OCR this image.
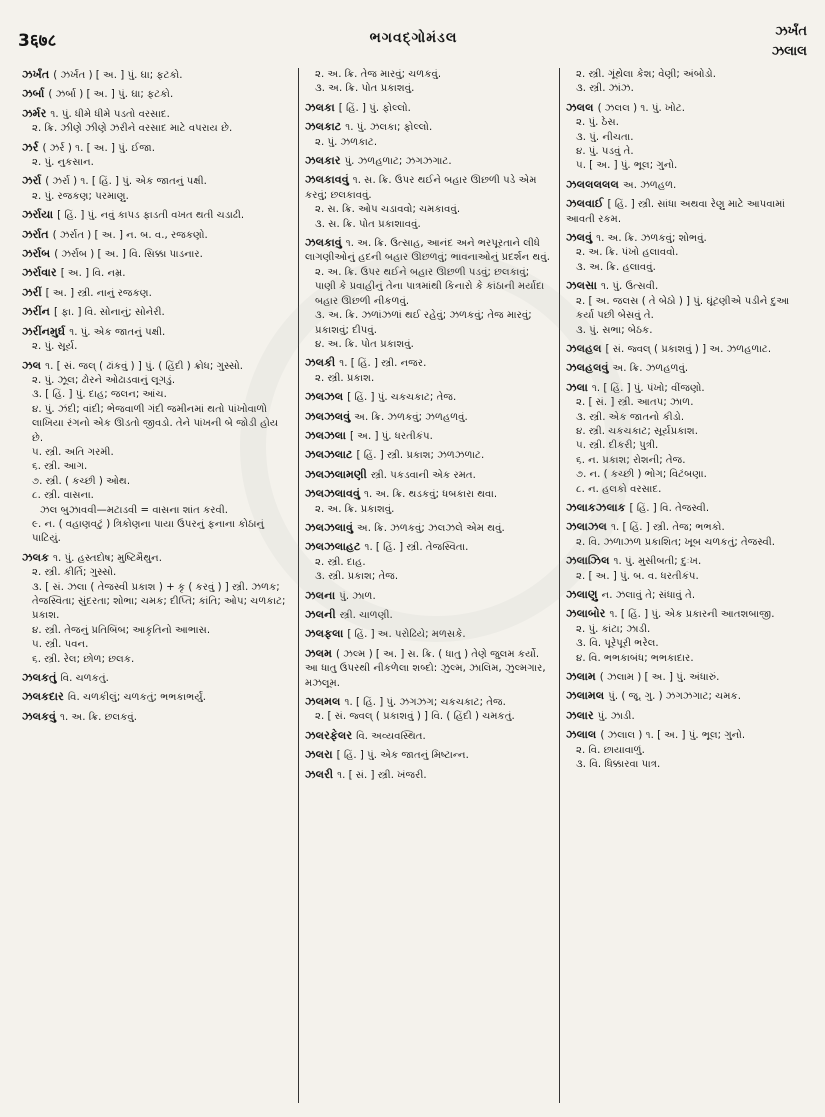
3६७८	ભગવદ્ગોમંડલ	ઝર્ખંત
ઝલાલ
ઝર્ખંત ( ઝર્ખંત ) [ અ. ] પું. ઘા; ફટકો.
ઝર્બા ( ઝર્બા ) [ અ. ] પું. ઘા; ફટકો.
ઝર્મર ૧. પું. ધીમે ધીમે પડતો વરસાદ.
૨. ક્રિ. ઝીણે ઝીણે ઝરીને વરસાદ માટે વપરાય છે.
ઝર્ર ( ઝર્ર ) ૧. [ અ. ] પું. ઈજા.
૨. પું. નુકસાન.
ઝર્રા ( ઝર્રા ) ૧. [ હિં. ] પું. એક જાતનું પક્ષી.
૨. પું. રજકણ; પરમાણુ.
ઝર્રાયા [ હિં. ] પું. નવું કાપડ ફાડતી વખત થતી ચડાઢી.
ઝર્રાત ( ઝર્રાત ) [ અ. ] ન. બ. વ., રજકણો.
ઝર્રાબ ( ઝર્રાબ ) [ અ. ] વિ. સિક્કા પાડનાર.
ઝર્રાવાર [ અ. ] વિ. નમ્ર.
ઝરીં [ અ. ] સ્ત્રી. નાનું રજકણ.
ઝરીંન [ ફા. ] વિ. સોનાનું; સોનેરી.
ઝરીંનમુર્ઘ ૧. પું. એક જાતનું પક્ષી.
૨. પું. સૂર્ય.
ઝલ ૧. [ સં. જલ્ ( ઢાંકવું ) ] પું. ( હિંદી ) ક્રોધ; ગુસ્સો.
૨. પું. ઝૂલ; ઢોરને ઓઢાડવાનું લૂગડું.
૩. [ હિં. ] પું. દાહ; જલન; આંચ.
૪. પું. ઝંદી; વાંદી; ભેજવાળી ગંદી જમીનમાં થતો પાંખોવાળો લાખિયા રંગનો એક ઊડતો જીવડો. તેને પાંખની બે જોડી હોય છે.
૫. સ્ત્રી. અતિ ગરમી.
૬. સ્ત્રી. આગ.
૭. સ્ત્રી. ( કચ્છી ) ઓથ.
૮. સ્ત્રી. વાસના.
ઝલ બુઝાવવી—મટાડવી = વાસના શાંત કરવી.
૯. ન. ( વહાણવટું ) ત્રિકોણના પાયા ઉપરનું ફનાના કોઠાનું પાટિયું.
ઝલક ૧. પું. હસ્તદોષ; મુષ્ટિમૈથુન.
૨. સ્ત્રી. કીર્તિ; ગુસ્સો.
૩. [ સં. ઝલા ( તેજસ્વી પ્રકાશ ) + કૃ ( કરવું ) ] સ્ત્રી. ઝળક; તેજસ્વિતા; સુંદરતા; શોભા; ચમક; દીપ્તિ; કાંતિ; ઓપ; ચળકાટ; પ્રકાશ.
૪. સ્ત્રી. તેજનું પ્રતિબિંબ; આકૃતિનો આભાસ.
૫. સ્ત્રી. પવન.
૬. સ્ત્રી. રેલ; છોળ; છલક.
ઝલકતું વિ. ચળકતું.
ઝલકદાર વિ. ચળકીલું; ચળકતું; ભભકાભર્યું.
ઝલકવું ૧. અ. ક્રિ. છલકવું.
૨. અ. ક્રિ. તેજ મારવું; ચળકવું.
૩. અ. ક્રિ. પોત પ્રકાશવું.
ઝલકા [ હિં. ] પું. ફોલ્લો.
ઝલકાટ ૧. પું. ઝલકા; ફોલ્લો.
૨. પું. ઝળકાટ.
ઝલકાર પું. ઝળહળાટ; ઝગઝગાટ.
ઝલકાવવું ૧. સ. ક્રિ. ઉપર થઈને બહાર ઊછળી પડે એમ કરવું; છલકાવવું.
૨. સ. ક્રિ. ઓપ ચડાવવો; ચમકાવવું.
૩. સ. ક્રિ. પોત પ્રકાશાવવું.
ઝલકાવું ૧. અ. ક્રિ. ઉત્સાહ, આનંદ અને ભરપૂરતાને લીધે લાગણીઓનું હદની બહાર ઊછળવું; ભાવનાઓનું પ્રદર્શન થવું.
૨. અ. ક્રિ. ઉપર થઈને બહાર ઊછળી પડવું; છલકાવું; પાણી કે પ્રવાહીનું તેના પાત્રમાંથી કિનારો કે કાંઠાની મર્યાદા બહાર ઊછળી નીકળવું.
૩. અ. ક્રિ. ઝળાંઝળાં થઈ રહેવું; ઝળકવું; તેજ મારવું; પ્રકાશવું; દીપવું.
૪. અ. ક્રિ. પોત પ્રકાશવું.
ઝલકી ૧. [ હિં. ] સ્ત્રી. નજર.
૨. સ્ત્રી. પ્રકાશ.
ઝલઝલ [ હિં. ] પું. ચકચકાટ; તેજ.
ઝલઝલવું અ. ક્રિ. ઝળકવું; ઝળહળવું.
ઝલઝલા [ અ. ] પું. ધરતીકંપ.
ઝલઝલાટ [ હિં. ] સ્ત્રી. પ્રકાશ; ઝળઝળાટ.
ઝલઝલામણી સ્ત્રી. પકડવાની એક રમત.
ઝલઝલાવવું ૧. અ. ક્રિ. થડકવું; ધબકારા થવા.
૨. અ. ક્રિ. પ્રકાશવું.
ઝલઝલાવું અ. ક્રિ. ઝળકવું; ઝલઝલે એમ થવું.
ઝલઝલાહટ ૧. [ હિં. ] સ્ત્રી. તેજસ્વિતા.
૨. સ્ત્રી. દાહ.
૩. સ્ત્રી. પ્રકાશ; તેજ.
ઝલના પું. ઝાળ.
ઝલની સ્ત્રી. ચાળણી.
ઝલફલા [ હિં. ] અ. પરોઢિયે; મળસકે.
ઝલમ ( ઝલ્મ ) [ અ. ] સ. ક્રિ. ( ધાતુ ) તેણે જુલમ કર્યો. આ ધાતુ ઉપરથી નીકળેલા શબ્દો: ઝુલ્મ, ઝાલિમ, ઝુલ્મગાર, મઝલૂમ.
ઝલમલ ૧. [ હિં. ] પું. ઝગઝગ; ચકચકાટ; તેજ.
૨. [ સં. જ્વલ્ ( પ્રકાશવું ) ] વિ. ( હિંદી ) ચમકતું.
ઝલરફેલર વિ. અવ્યવસ્થિત.
ઝલરા [ હિં. ] પું. એક જાતનું મિષ્ટાન્ન.
ઝલરી ૧. [ સં. ] સ્ત્રી. ખંજરી.
૨. સ્ત્રી. ગૂંથેલા કેશ; વેણી; અંબોડો.
૩. સ્ત્રી. ઝાંઝ.
ઝલલ ( ઝલલ ) ૧. પું. ખોટ.
૨. પું. ઠેસ.
૩. પું. નીચતા.
૪. પું. પડવું તે.
૫. [ અ. ] પું. ભૂલ; ગુનો.
ઝલલલલલ અ. ઝળહળ.
ઝલવાઈ [ હિં. ] સ્ત્રી. સાંધા અથવા રેણુ માટે આપવામાં આવતી રકમ.
ઝલવું ૧. અ. ક્રિ. ઝળકવું; શોભવું.
૨. અ. ક્રિ. પંખો હલાવવો.
૩. અ. ક્રિ. હલાવવું.
ઝલસા ૧. પું. ઉત્સવી.
૨. [ અ. જલસ ( તે બેઠો ) ] પું. ઘૂંટણીએ પડીને દુઆ કર્યા પછી બેસવું તે.
૩. પું. સભા; બેઠક.
ઝલહલ [ સં. જ્વલ્ ( પ્રકાશવું ) ] અ. ઝળહળાટ.
ઝલહલવું અ. ક્રિ. ઝળહળવું.
ઝલા ૧. [ હિં. ] પું. પંખો; વીંજણો.
૨. [ સં. ] સ્ત્રી. આતપ; ઝાળ.
૩. સ્ત્રી. એક જાતનો કીડો.
૪. સ્ત્રી. ચકચકાટ; સૂર્યપ્રકાશ.
૫. સ્ત્રી. દીકરી; પુત્રી.
૬. ન. પ્રકાશ; રોશની; તેજ.
૭. ન. ( કચ્છી ) ભોગ; વિટંબણા.
૮. ન. હલકો વરસાદ.
ઝલાકઝલાક [ હિં. ] વિ. તેજસ્વી.
ઝલાઝલ ૧. [ હિં. ] સ્ત્રી. તેજ; ભભકો.
૨. વિ. ઝળાઝળ પ્રકાશિત; ખૂબ ચળકતું; તેજસ્વી.
ઝલાઝિલ ૧. પું. મુસીબતી; દુઃખ.
૨. [ અ. ] પું. બ. વ. ધરતીકંપ.
ઝલાણુ ન. ઝલાવું તે; સંધાવું તે.
ઝલાબોર ૧. [ હિં. ] પું. એક પ્રકારની આતશબાજી.
૨. પું. કાંટા; ઝાડી.
૩. વિ. પૂરેપૂરી ભરેલ.
૪. વિ. ભભકાબંધ; ભભકાદાર.
ઝલામ ( ઝલામ ) [ અ. ] પું. અંધારું.
ઝલામલ પું. ( જૂ. ગુ. ) ઝગઝગાટ; ચમક.
ઝલાર પું. ઝાડી.
ઝલાલ ( ઝલાલ ) ૧. [ અ. ] પું. ભૂલ; ગુનો.
૨. વિ. છાયાવાળું.
૩. વિ. ધિક્કારવા પાત્ર.
